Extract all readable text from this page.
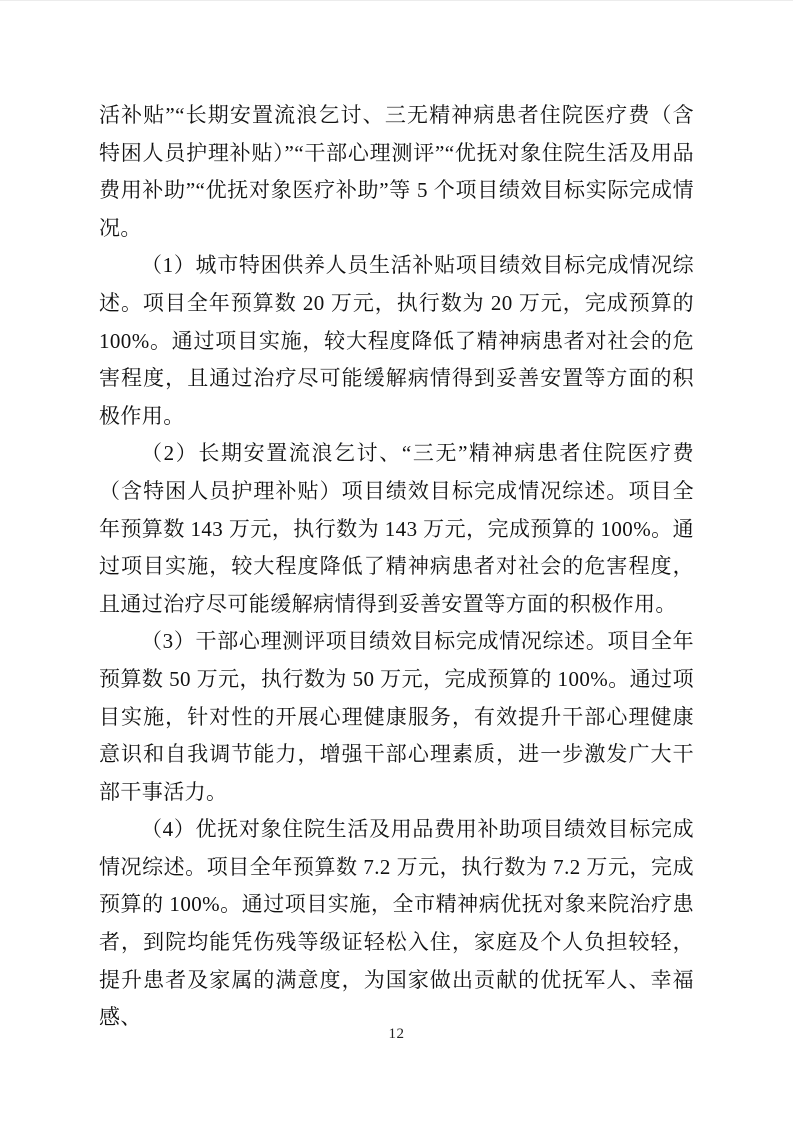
活补贴”“长期安置流浪乞讨、三无精神病患者住院医疗费（含特困人员护理补贴）”“干部心理测评”“优抚对象住院生活及用品费用补助”“优抚对象医疗补助”等 5 个项目绩效目标实际完成情况。

（1）城市特困供养人员生活补贴项目绩效目标完成情况综述。项目全年预算数 20 万元，执行数为 20 万元，完成预算的 100%。通过项目实施，较大程度降低了精神病患者对社会的危害程度，且通过治疗尽可能缓解病情得到妥善安置等方面的积极作用。

（2）长期安置流浪乞讨、“三无”精神病患者住院医疗费（含特困人员护理补贴）项目绩效目标完成情况综述。项目全年预算数 143 万元，执行数为 143 万元，完成预算的 100%。通过项目实施，较大程度降低了精神病患者对社会的危害程度，且通过治疗尽可能缓解病情得到妥善安置等方面的积极作用。

（3）干部心理测评项目绩效目标完成情况综述。项目全年预算数 50 万元，执行数为 50 万元，完成预算的 100%。通过项目实施，针对性的开展心理健康服务，有效提升干部心理健康意识和自我调节能力，增强干部心理素质，进一步激发广大干部干事活力。

（4）优抚对象住院生活及用品费用补助项目绩效目标完成情况综述。项目全年预算数 7.2 万元，执行数为 7.2 万元，完成预算的 100%。通过项目实施，全市精神病优抚对象来院治疗患者，到院均能凭伤残等级证轻松入住，家庭及个人负担较轻，提升患者及家属的满意度，为国家做出贡献的优抚军人、幸福感、

12
